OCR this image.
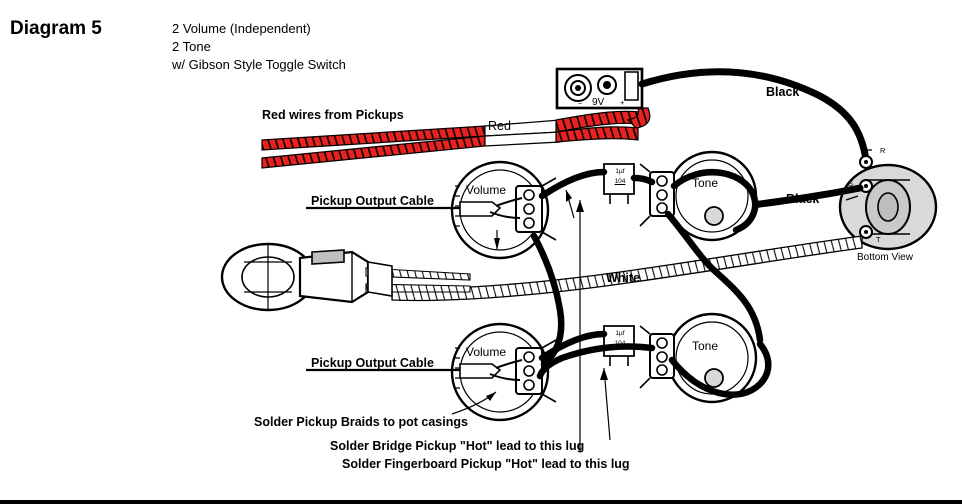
Diagram 5	2 Volume (Independent)
2 Tone
w/ Gibson Style Toggle Switch
Red wires from Pickups
Red
Black
Black
White
Pickup Output Cable
Pickup Output Cable
Volume
Volume
Tone
Tone
Bottom View
R
S
T
− 9V +
1µf
104
1µf
104
Solder Pickup Braids to pot casings
Solder Bridge Pickup "Hot" lead to this lug
Solder Fingerboard Pickup "Hot" lead to this lug
